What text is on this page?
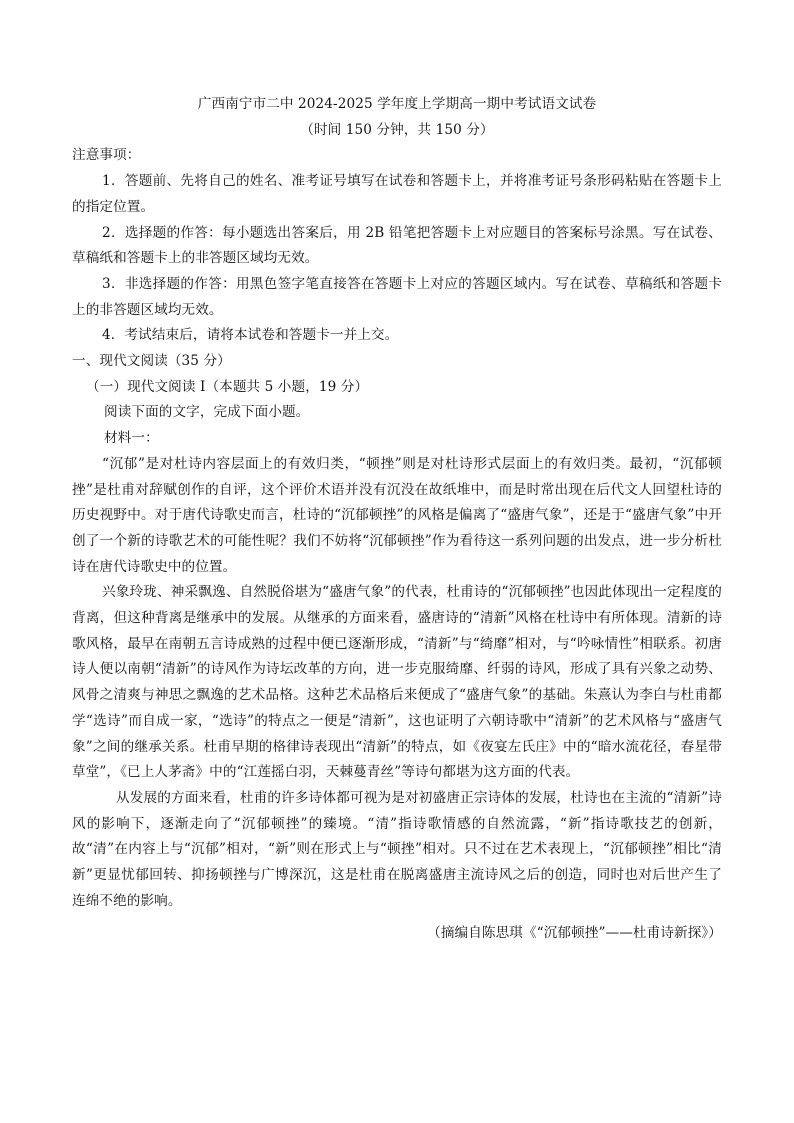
广西南宁市二中 2024-2025 学年度上学期高一期中考试语文试卷
（时间 150 分钟，共 150 分）
注意事项：
1．答题前、先将自己的姓名、准考证号填写在试卷和答题卡上，并将准考证号条形码粘贴在答题卡上的指定位置。
2．选择题的作答：每小题选出答案后，用 2B 铅笔把答题卡上对应题目的答案标号涂黑。写在试卷、草稿纸和答题卡上的非答题区域均无效。
3．非选择题的作答：用黑色签字笔直接答在答题卡上对应的答题区域内。写在试卷、草稿纸和答题卡上的非答题区域均无效。
4．考试结束后，请将本试卷和答题卡一并上交。
一、现代文阅读（35 分）
（一）现代文阅读 I（本题共 5 小题，19 分）
阅读下面的文字，完成下面小题。
材料一：
“沉郁”是对杜诗内容层面上的有效归类，“顿挫”则是对杜诗形式层面上的有效归类。最初，“沉郁顿挫”是杜甫对辞赋创作的自评，这个评价术语并没有沉没在故纸堆中，而是时常出现在后代文人回望杜诗的历史视野中。对于唐代诗歌史而言，杜诗的“沉郁顿挫”的风格是偏离了“盛唐气象”，还是于“盛唐气象”中开创了一个新的诗歌艺术的可能性呢？我们不妨将“沉郁顿挫”作为看待这一系列问题的出发点，进一步分析杜诗在唐代诗歌史中的位置。
兴象玲珑、神采飘逸、自然脱俗堪为“盛唐气象”的代表，杜甫诗的“沉郁顿挫”也因此体现出一定程度的背离，但这种背离是继承中的发展。从继承的方面来看，盛唐诗的“清新”风格在杜诗中有所体现。清新的诗歌风格，最早在南朝五言诗成熟的过程中便已逐渐形成，“清新”与“绮靡”相对，与“吟咏情性”相联系。初唐诗人便以南朝“清新”的诗风作为诗坛改革的方向，进一步克服绮靡、纤弱的诗风，形成了具有兴象之动势、风骨之清爽与神思之飘逸的艺术品格。这种艺术品格后来便成了“盛唐气象”的基础。朱熹认为李白与杜甫都学“选诗”而自成一家，“选诗”的特点之一便是“清新”，这也证明了六朝诗歌中“清新”的艺术风格与“盛唐气象”之间的继承关系。杜甫早期的格律诗表现出“清新”的特点，如《夜宴左氏庄》中的“暗水流花径，春星带草堂”，《已上人茅斋》中的“江莲摇白羽，天棘蔓青丝”等诗句都堪为这方面的代表。
从发展的方面来看，杜甫的许多诗体都可视为是对初盛唐正宗诗体的发展，杜诗也在主流的“清新”诗风的影响下，逐渐走向了“沉郁顿挫”的臻境。“清”指诗歌情感的自然流露，“新”指诗歌技艺的创新，故“清”在内容上与“沉郁”相对，“新”则在形式上与“顿挫”相对。只不过在艺术表现上，“沉郁顿挫”相比“清新”更显忧郁回转、抑扬顿挫与广博深沉，这是杜甫在脱离盛唐主流诗风之后的创造，同时也对后世产生了连绵不绝的影响。
（摘编自陈思琪《“沉郁顿挫”——杜甫诗新探》）
